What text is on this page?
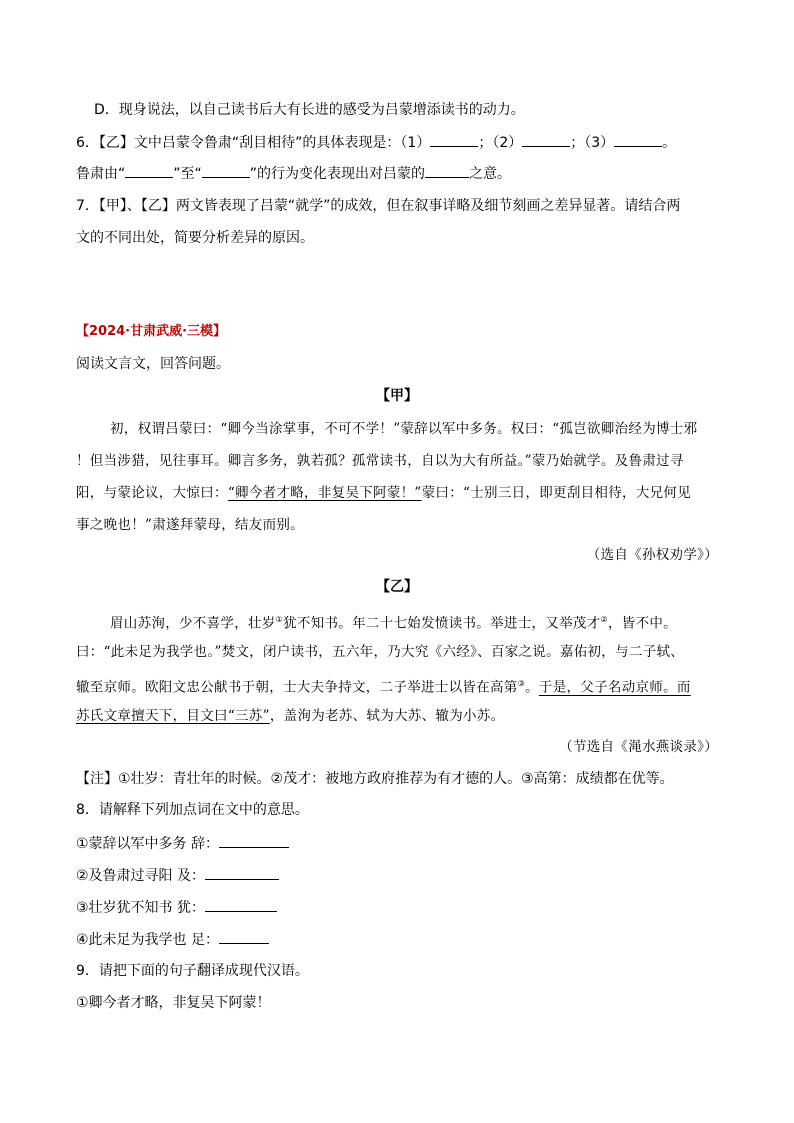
D．现身说法，以自己读书后大有长进的感受为吕蒙增添读书的动力。
6．【乙】文中吕蒙令鲁肃“刮目相待”的具体表现是：（1）	；（2）	；（3）	。
鲁肃由“	”至“	”的行为变化表现出对吕蒙的	之意。
7．【甲】、【乙】两文皆表现了吕蒙“就学”的成效，但在叙事详略及细节刻画之差异显著。请结合两
文的不同出处，简要分析差异的原因。
【2024·甘肃武威·三模】
阅读文言文，回答问题。
【甲】
初，权谓吕蒙曰：“卿今当涂掌事，不可不学！”蒙辞以军中多务。权曰：“孤岂欲卿治经为博士邪
！但当涉猎，见往事耳。卿言多务，孰若孤？孤常读书，自以为大有所益。”蒙乃始就学。及鲁肃过寻
阳，与蒙论议，大惊曰：“卿今者才略，非复吴下阿蒙！”蒙曰：“士别三日，即更刮目相待，大兄何见
事之晚也！”肃遂拜蒙母，结友而别。
（选自《孙权劝学》）
【乙】
眉山苏洵，少不喜学，壮岁①犹不知书。年二十七始发愤读书。举进士，又举茂才②，皆不中。
曰：“此未足为我学也。”焚文，闭户读书，五六年，乃大究《六经》、百家之说。嘉佑初，与二子轼、
辙至京师。欧阳文忠公献书于朝，士大夫争持文，二子举进士以皆在高第③。于是，父子名动京师。而
苏氏文章擅天下，目文曰“三苏”，盖洵为老苏、轼为大苏、辙为小苏。
（节选自《渑水燕谈录》）
【注】①壮岁：青壮年的时候。②茂才：被地方政府推荐为有才德的人。③高第：成绩都在优等。
8．请解释下列加点词在文中的意思。
①蒙辞以军中多务 辞：
②及鲁肃过寻阳 及：
③壮岁犹不知书 犹：
④此未足为我学也 足：
9．请把下面的句子翻译成现代汉语。
①卿今者才略，非复吴下阿蒙！
